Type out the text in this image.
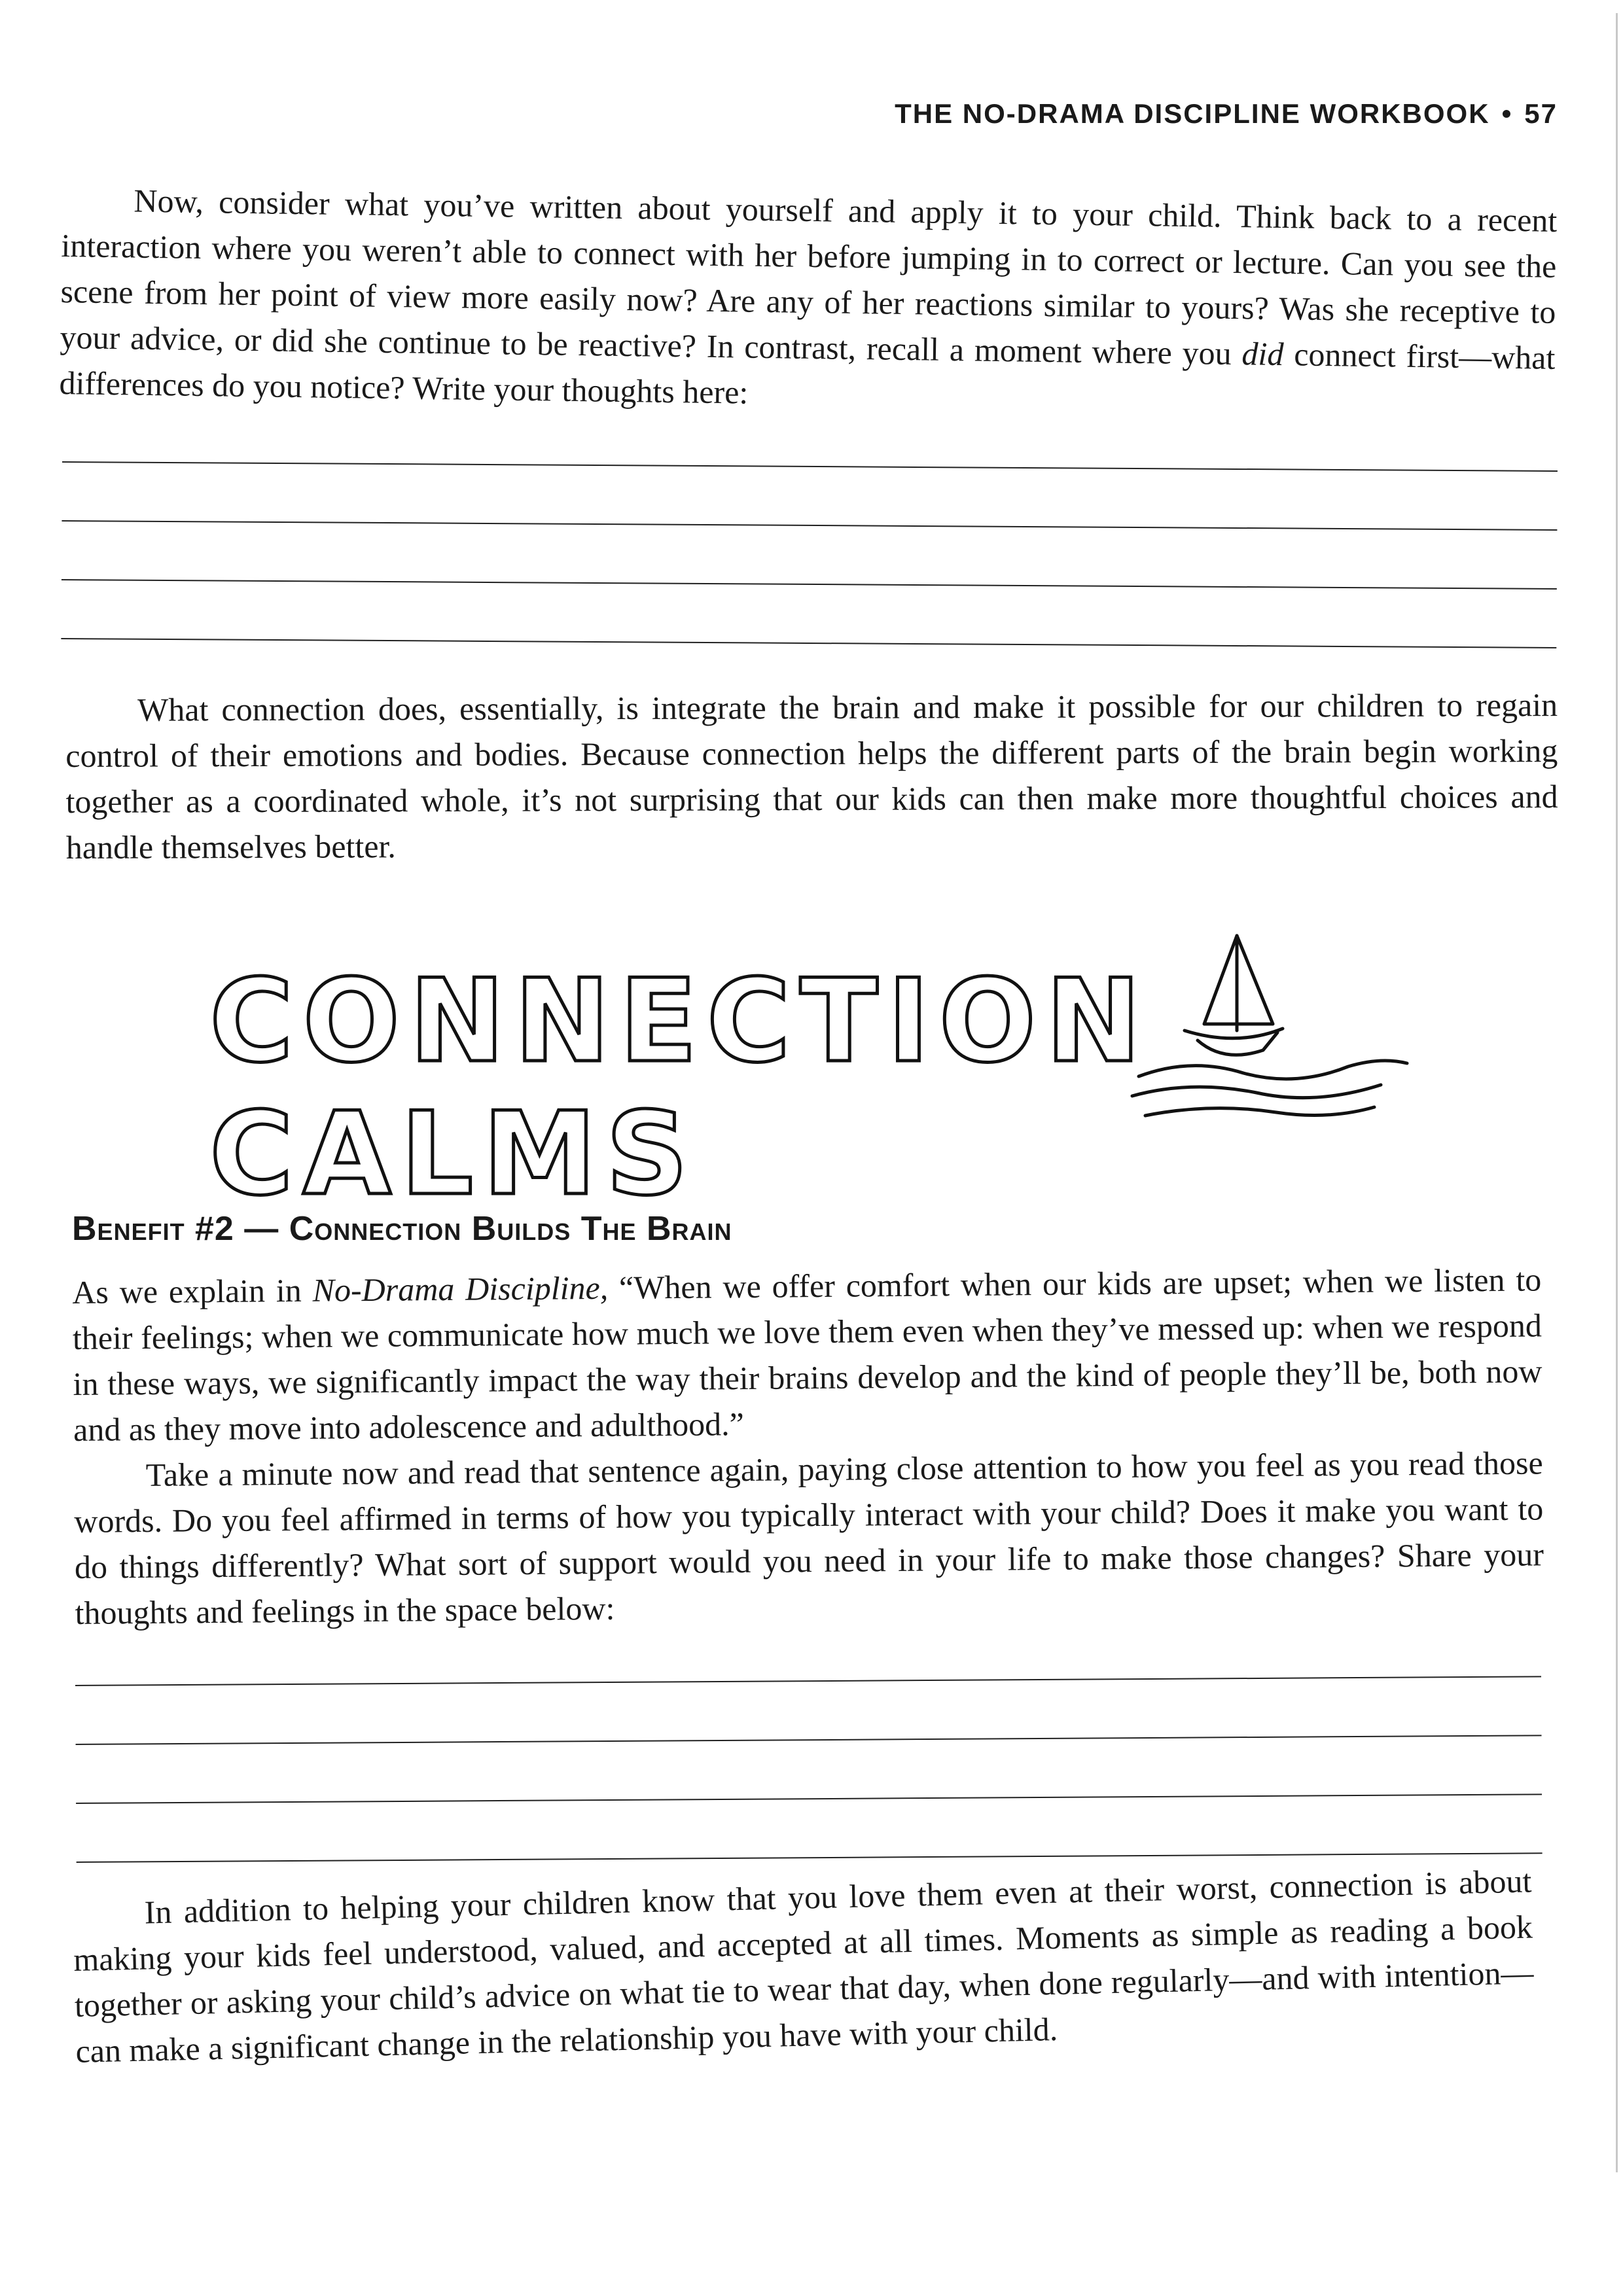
THE NO-DRAMA DISCIPLINE WORKBOOK • 57

Now, consider what you’ve written about yourself and apply it to your child. Think back to a recent interaction where you weren’t able to connect with her before jumping in to correct or lecture. Can you see the scene from her point of view more easily now? Are any of her reactions similar to yours? Was she receptive to your advice, or did she continue to be reactive? In contrast, recall a moment where you did connect first—what differences do you notice? Write your thoughts here:

What connection does, essentially, is integrate the brain and make it possible for our children to regain control of their emotions and bodies. Because connection helps the different parts of the brain begin working together as a coordinated whole, it’s not surprising that our kids can then make more thoughtful choices and handle themselves better.

CONNECTION CALMS
Benefit #2 — Connection Builds The Brain

As we explain in No-Drama Discipline, “When we offer comfort when our kids are upset; when we listen to their feelings; when we communicate how much we love them even when they’ve messed up: when we respond in these ways, we significantly impact the way their brains develop and the kind of people they’ll be, both now and as they move into adolescence and adulthood.”

Take a minute now and read that sentence again, paying close attention to how you feel as you read those words. Do you feel affirmed in terms of how you typically interact with your child? Does it make you want to do things differently? What sort of support would you need in your life to make those changes? Share your thoughts and feelings in the space below:

In addition to helping your children know that you love them even at their worst, connection is about making your kids feel understood, valued, and accepted at all times. Moments as simple as reading a book together or asking your child’s advice on what tie to wear that day, when done regularly—and with intention—can make a significant change in the relationship you have with your child.
